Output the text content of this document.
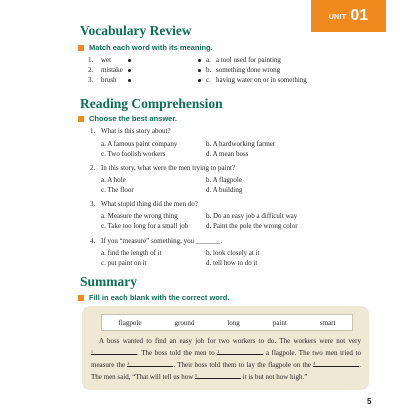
UNIT 01
Vocabulary Review
Match each word with its meaning.
1. wet	a. a tool used for painting
2. mistake	b. something done wrong
3. brush	c. having water on or in something
Reading Comprehension
Choose the best answer.
1. What is this story about?
a. A famous paint company	b. A hardworking farmer
c. Two foolish workers	d. A mean boss
2. In this story, what were the men trying to paint?
a. A hole	b. A flagpole
c. The floor	d. A building
3. What stupid thing did the men do?
a. Measure the wrong thing	b. Do an easy job a difficult way
c. Take too long for a small job	d. Paint the pole the wrong color
4. If you “measure” something, you _______.
a. find the length of it	b. look closely at it
c. put paint on it	d. tell how to do it
Summary
Fill in each blank with the correct word.
flagpole	ground	long	paint	smart
A boss wanted to find an easy job for two workers to do. The workers were not very
1	. The boss told the men to 2	a flagpole. The two men tried to measure the 3	. Their boss told them to lay the flagpole on the 4	. The men said, “That will tell us how 5	it is but not how high.”
5
